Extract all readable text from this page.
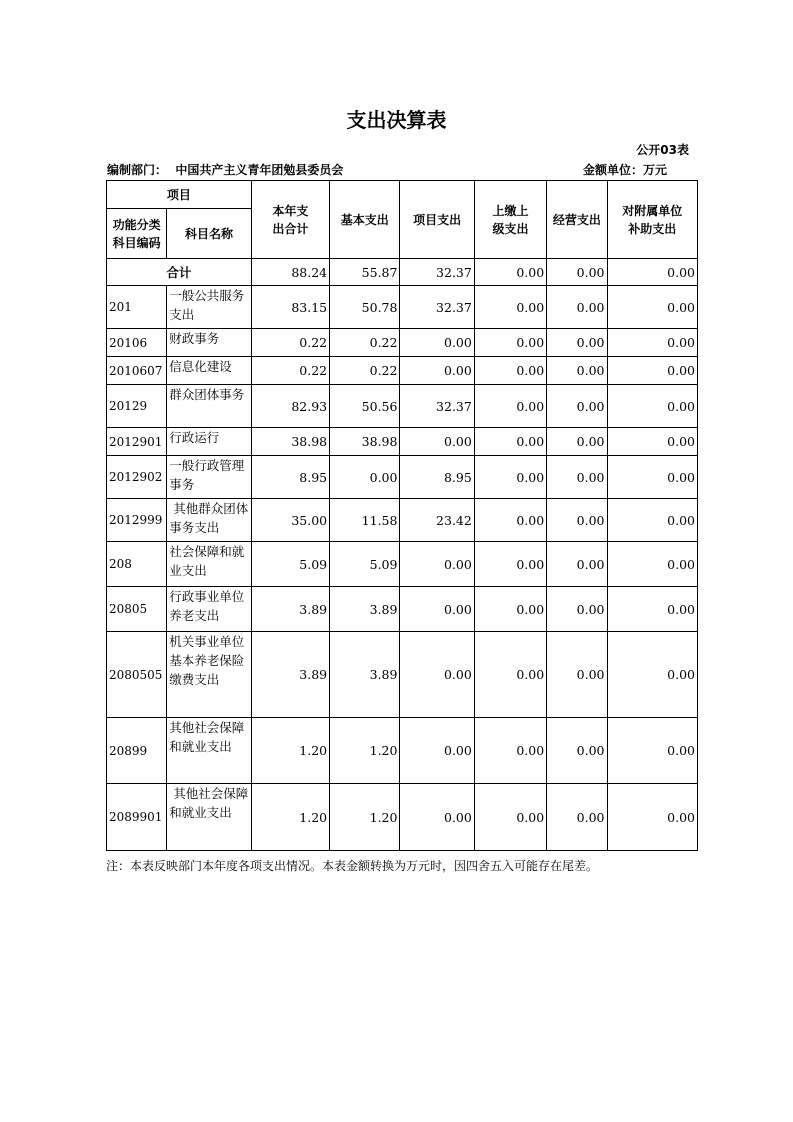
支出决算表
公开03表
编制部门： 中国共产主义青年团勉县委员会	金额单位：万元
项目		本年支出合计	基本支出	项目支出	上缴上级支出	经营支出	对附属单位补助支出

功能分类科目编码	科目名称						
合计		88.24	55.87	32.37	0.00	0.00	0.00
201	一般公共服务支出	83.15	50.78	32.37	0.00	0.00	0.00
20106	财政事务	0.22	0.22	0.00	0.00	0.00	0.00
2010607	信息化建设	0.22	0.22	0.00	0.00	0.00	0.00
20129	群众团体事务	82.93	50.56	32.37	0.00	0.00	0.00
2012901	行政运行	38.98	38.98	0.00	0.00	0.00	0.00
2012902	一般行政管理事务	8.95	0.00	8.95	0.00	0.00	0.00
2012999	其他群众团体事务支出	35.00	11.58	23.42	0.00	0.00	0.00
208	社会保障和就业支出	5.09	5.09	0.00	0.00	0.00	0.00
20805	行政事业单位养老支出	3.89	3.89	0.00	0.00	0.00	0.00
2080505	机关事业单位基本养老保险缴费支出	3.89	3.89	0.00	0.00	0.00	0.00
20899	其他社会保障和就业支出	1.20	1.20	0.00	0.00	0.00	0.00
2089901	其他社会保障和就业支出	1.20	1.20	0.00	0.00	0.00	0.00
注：本表反映部门本年度各项支出情况。本表金额转换为万元时，因四舍五入可能存在尾差。
